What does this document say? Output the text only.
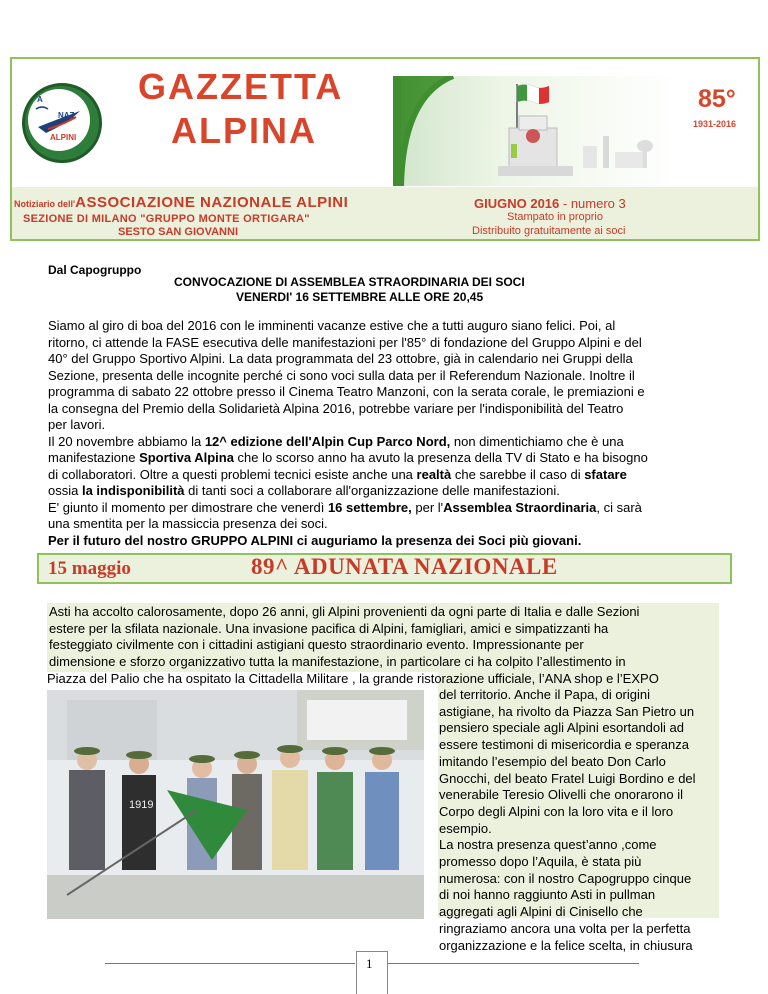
A
NAZ
ALPINI
GAZZETTA
ALPINA
85°
1931-2016
Notiziario dell'ASSOCIAZIONE NAZIONALE ALPINI
SEZIONE DI MILANO "GRUPPO MONTE ORTIGARA"
SESTO SAN GIOVANNI
GIUGNO 2016 - numero 3
Stampato in proprio
Distribuito gratuitamente ai soci
Dal Capogruppo
CONVOCAZIONE DI ASSEMBLEA STRAORDINARIA DEI SOCI
VENERDI' 16 SETTEMBRE ALLE ORE 20,45
Siamo al giro di boa del 2016 con le imminenti vacanze estive che a tutti auguro siano felici. Poi, al
ritorno, ci attende la FASE esecutiva delle manifestazioni per l'85° di fondazione del Gruppo Alpini e del
40° del Gruppo Sportivo Alpini. La data programmata del 23 ottobre, già in calendario nei Gruppi della
Sezione, presenta delle incognite perché ci sono voci sulla data per il Referendum Nazionale. Inoltre il
programma di sabato 22 ottobre presso il Cinema Teatro Manzoni, con la serata corale, le premiazioni e
la consegna del Premio della Solidarietà Alpina 2016, potrebbe variare per l'indisponibilità del Teatro
per lavori.
Il 20 novembre abbiamo la 12^ edizione dell'Alpin Cup Parco Nord, non dimentichiamo che è una
manifestazione Sportiva Alpina che lo scorso anno ha avuto la presenza della TV di Stato e ha bisogno
di collaboratori. Oltre a questi problemi tecnici esiste anche una realtà che sarebbe il caso di sfatare
ossia la indisponibilità di tanti soci a collaborare all'organizzazione delle manifestazioni.
E' giunto il momento per dimostrare che venerdì 16 settembre, per l'Assemblea Straordinaria, ci sarà
una smentita per la massiccia presenza dei soci.
Per il futuro del nostro GRUPPO ALPINI ci auguriamo la presenza dei Soci più giovani.
15 maggio	89^ ADUNATA NAZIONALE
Asti ha accolto calorosamente, dopo 26 anni, gli Alpini provenienti da ogni parte di Italia e dalle Sezioni
estere per la sfilata nazionale. Una invasione pacifica di Alpini, famigliari, amici e simpatizzanti ha
festeggiato civilmente con i cittadini astigiani questo straordinario evento. Impressionante per
dimensione e sforzo organizzativo tutta la manifestazione, in particolare ci ha colpito l’allestimento in
Piazza del Palio che ha ospitato la Cittadella Militare , la grande ristorazione ufficiale, l’ANA shop e l’EXPO
del territorio. Anche il Papa, di origini
astigiane, ha rivolto da Piazza San Pietro un
pensiero speciale agli Alpini esortandoli ad
essere testimoni di misericordia e speranza
imitando l’esempio del beato Don Carlo
Gnocchi, del beato Fratel Luigi Bordino e del
venerabile Teresio Olivelli che onorarono il
Corpo degli Alpini con la loro vita e il loro
esempio.
La nostra presenza quest’anno ,come
promesso dopo l’Aquila, è stata più
numerosa: con il nostro Capogruppo cinque
di noi hanno raggiunto Asti in pullman
aggregati agli Alpini di Cinisello che
ringraziamo ancora una volta per la perfetta
organizzazione e la felice scelta, in chiusura
1919
1
